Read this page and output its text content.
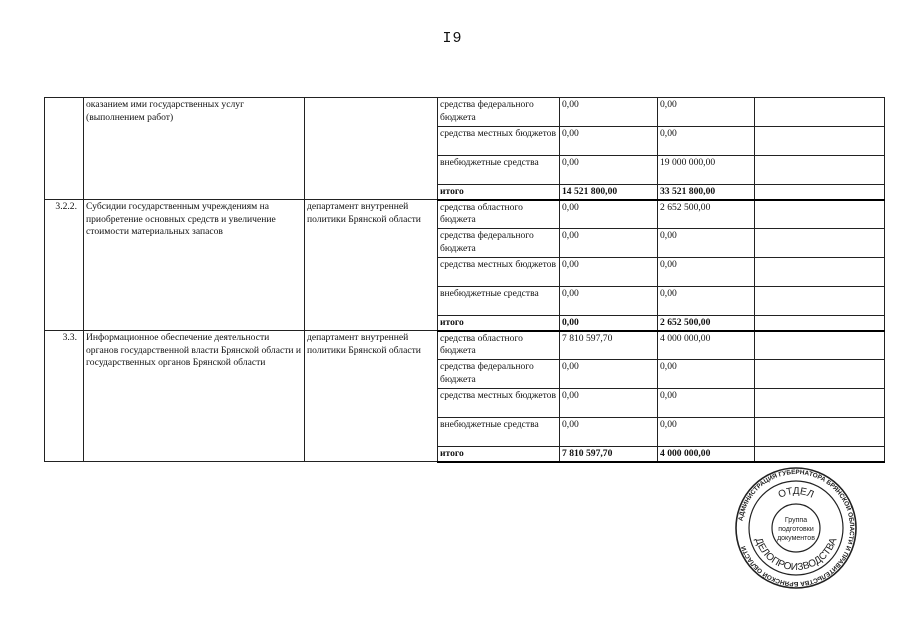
I9
	оказанием ими государственных услуг (выполнением работ)		средства федерального бюджета	0,00	0,00	
			средства местных бюджетов	0,00	0,00	
			внебюджетные средства	0,00	19 000 000,00	
			итого	14 521 800,00	33 521 800,00	
3.2.2.	Субсидии государственным учреждениям на приобретение основных средств и увеличение стоимости материальных запасов	департамент внутренней политики Брянской области	средства областного бюджета	0,00	2 652 500,00	
			средства федерального бюджета	0,00	0,00	
			средства местных бюджетов	0,00	0,00	
			внебюджетные средства	0,00	0,00	
			итого	0,00	2 652 500,00	
3.3.	Информационное обеспечение деятельности органов государственной власти Брянской области и государственных органов Брянской области	департамент внутренней политики Брянской области	средства областного бюджета	7 810 597,70	4 000 000,00	
			средства федерального бюджета	0,00	0,00	
			средства местных бюджетов	0,00	0,00	
			внебюджетные средства	0,00	0,00	
			итого	7 810 597,70	4 000 000,00	
АДМИНИСТРАЦИЯ ГУБЕРНАТОРА БРЯНСКОЙ ОБЛАСТИ И ПРАВИТЕЛЬСТВА БРЯНСКОЙ ОБЛАСТИ
ОТДЕЛ
ДЕЛОПРОИЗВОДСТВА
Группа
подготовки
документов
